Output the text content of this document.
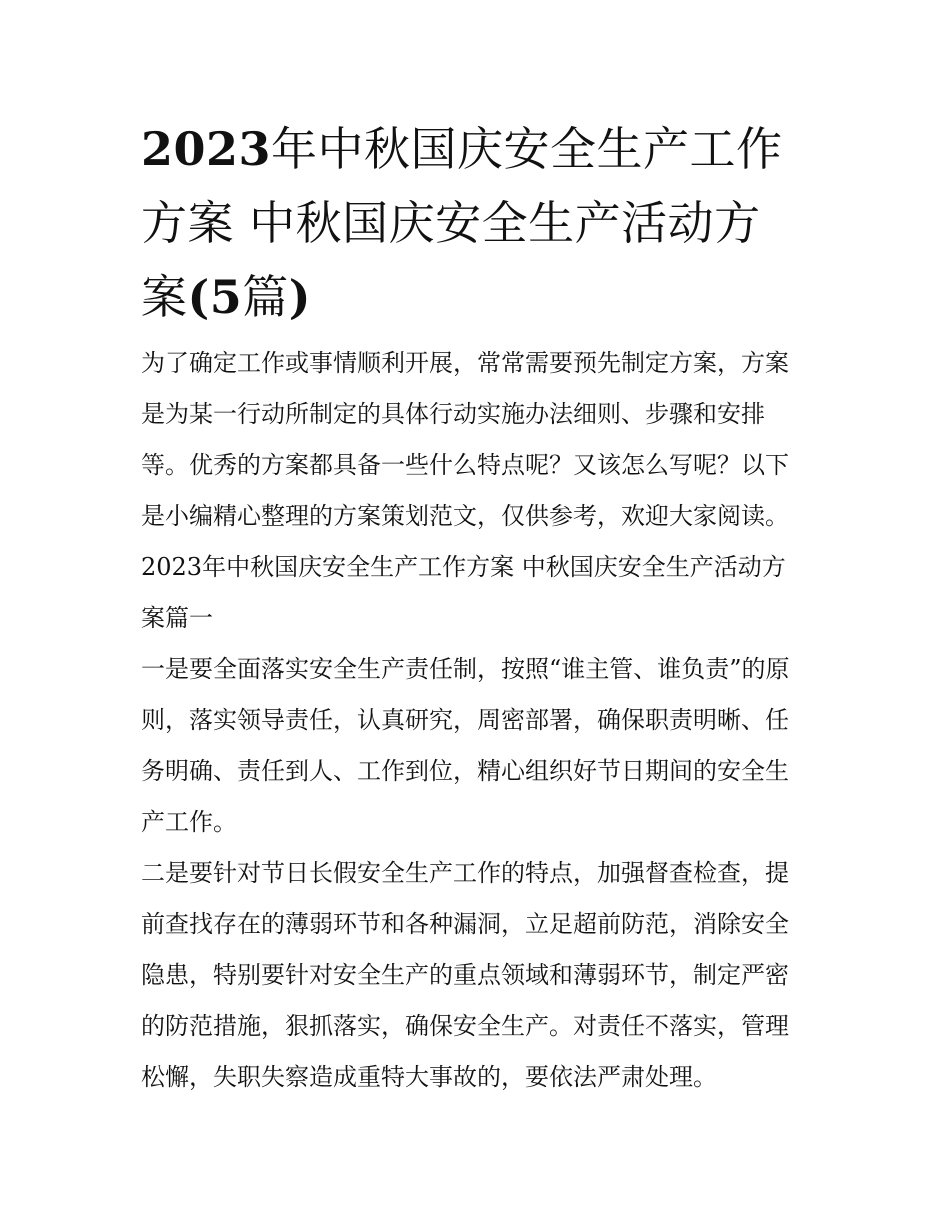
2023年中秋国庆安全生产工作
方案 中秋国庆安全生产活动方
案(5篇)

为了确定工作或事情顺利开展，常常需要预先制定方案，方案
是为某一行动所制定的具体行动实施办法细则、步骤和安排
等。优秀的方案都具备一些什么特点呢？又该怎么写呢？以下
是小编精心整理的方案策划范文，仅供参考，欢迎大家阅读。

2023年中秋国庆安全生产工作方案 中秋国庆安全生产活动方
案篇一

一是要全面落实安全生产责任制，按照“谁主管、谁负责”的原
则，落实领导责任，认真研究，周密部署，确保职责明晰、任
务明确、责任到人、工作到位，精心组织好节日期间的安全生
产工作。

二是要针对节日长假安全生产工作的特点，加强督查检查，提
前查找存在的薄弱环节和各种漏洞，立足超前防范，消除安全
隐患，特别要针对安全生产的重点领域和薄弱环节，制定严密
的防范措施，狠抓落实，确保安全生产。对责任不落实，管理
松懈，失职失察造成重特大事故的，要依法严肃处理。
